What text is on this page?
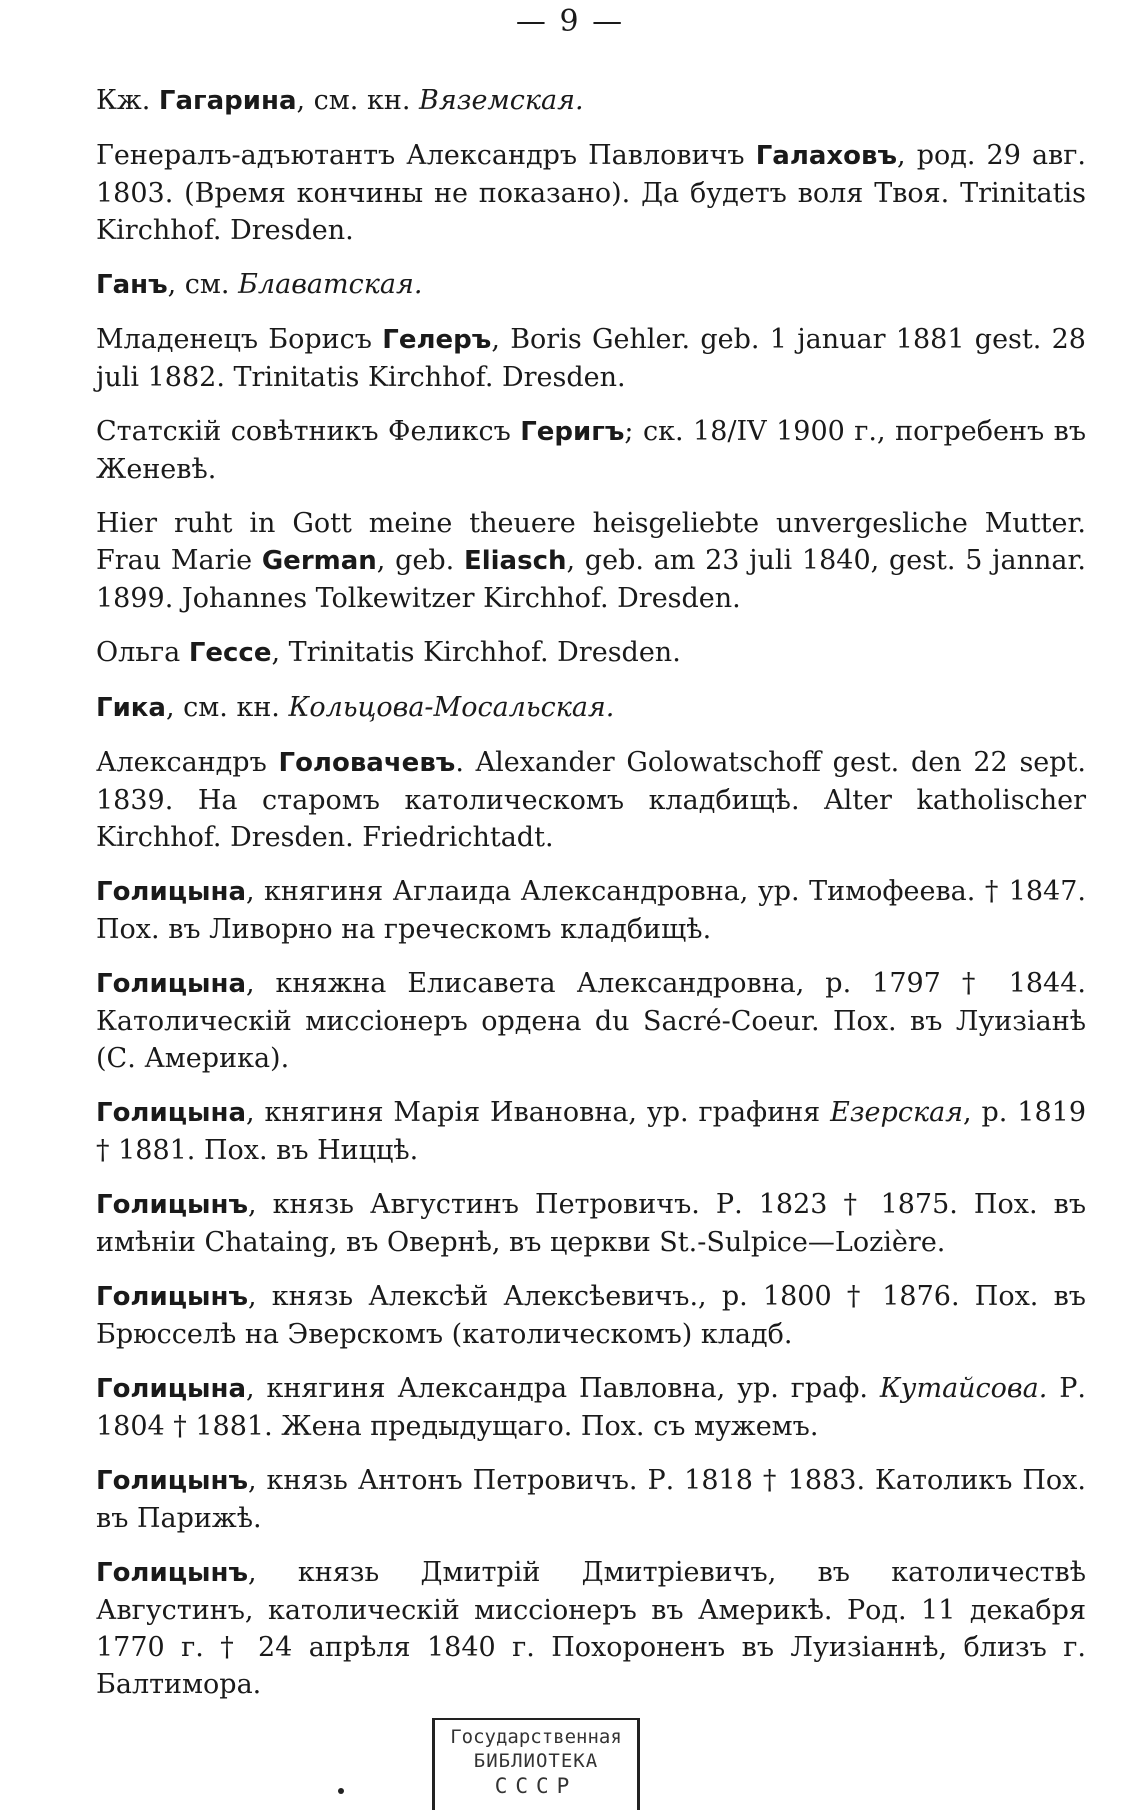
— 9 —

Кж. Гагарина, см. кн. Вяземская.

Генералъ-адъютантъ Александръ Павловичъ Галаховъ, род. 29 авг. 1803. (Время кончины не показано). Да будетъ воля Твоя. Trinitatis Kirchhof. Dresden.

Ганъ, см. Блаватская.

Младенецъ Борисъ Гелеръ, Boris Gehler. geb. 1 januar 1881 gest. 28 juli 1882. Trinitatis Kirchhof. Dresden.

Статскій совѣтникъ Феликсъ Геригъ; ск. 18/IV 1900 г., погребенъ въ Женевѣ.

Hier ruht in Gott meine theuere heisgeliebte unvergesliche Mutter. Frau Marie German, geb. Eliasch, geb. am 23 juli 1840, gest. 5 jannar. 1899. Johannes Tolkewitzer Kirchhof. Dresden.

Ольга Гессе, Trinitatis Kirchhof. Dresden.

Гика, см. кн. Кольцова-Мосальская.

Александръ Головачевъ. Alexander Golowatschoff gest. den 22 sept. 1839. На старомъ католическомъ кладбищѣ. Alter katholischer Kirchhof. Dresden. Friedrichtadt.

Голицына, княгиня Аглаида Александровна, ур. Тимофеева. † 1847. Пох. въ Ливорно на греческомъ кладбищѣ.

Голицына, княжна Елисавета Александровна, р. 1797 † 1844. Католическій миссіонеръ ордена du Sacré-Coeur. Пох. въ Луизіанѣ (С. Америка).

Голицына, княгиня Марія Ивановна, ур. графиня Езерская, р. 1819 † 1881. Пох. въ Ниццѣ.

Голицынъ, князь Августинъ Петровичъ. Р. 1823 † 1875. Пох. въ имѣніи Chataing, въ Овернѣ, въ церкви St.-Sulpice—Lozière.

Голицынъ, князь Алексѣй Алексѣевичъ., р. 1800 † 1876. Пох. въ Брюсселѣ на Эверскомъ (католическомъ) кладб.

Голицына, княгиня Александра Павловна, ур. граф. Кутайсова. Р. 1804 † 1881. Жена предыдущаго. Пох. съ мужемъ.

Голицынъ, князь Антонъ Петровичъ. Р. 1818 † 1883. Католикъ Пох. въ Парижѣ.

Голицынъ, князь Дмитрій Дмитріевичъ, въ католичествѣ Августинъ, католическій миссіонеръ въ Америкѣ. Род. 11 декабря 1770 г. † 24 апрѣля 1840 г. Похороненъ въ Луизіаннѣ, близъ г. Балтимора.

Государственная
БИБЛИОТЕКА
СССР
